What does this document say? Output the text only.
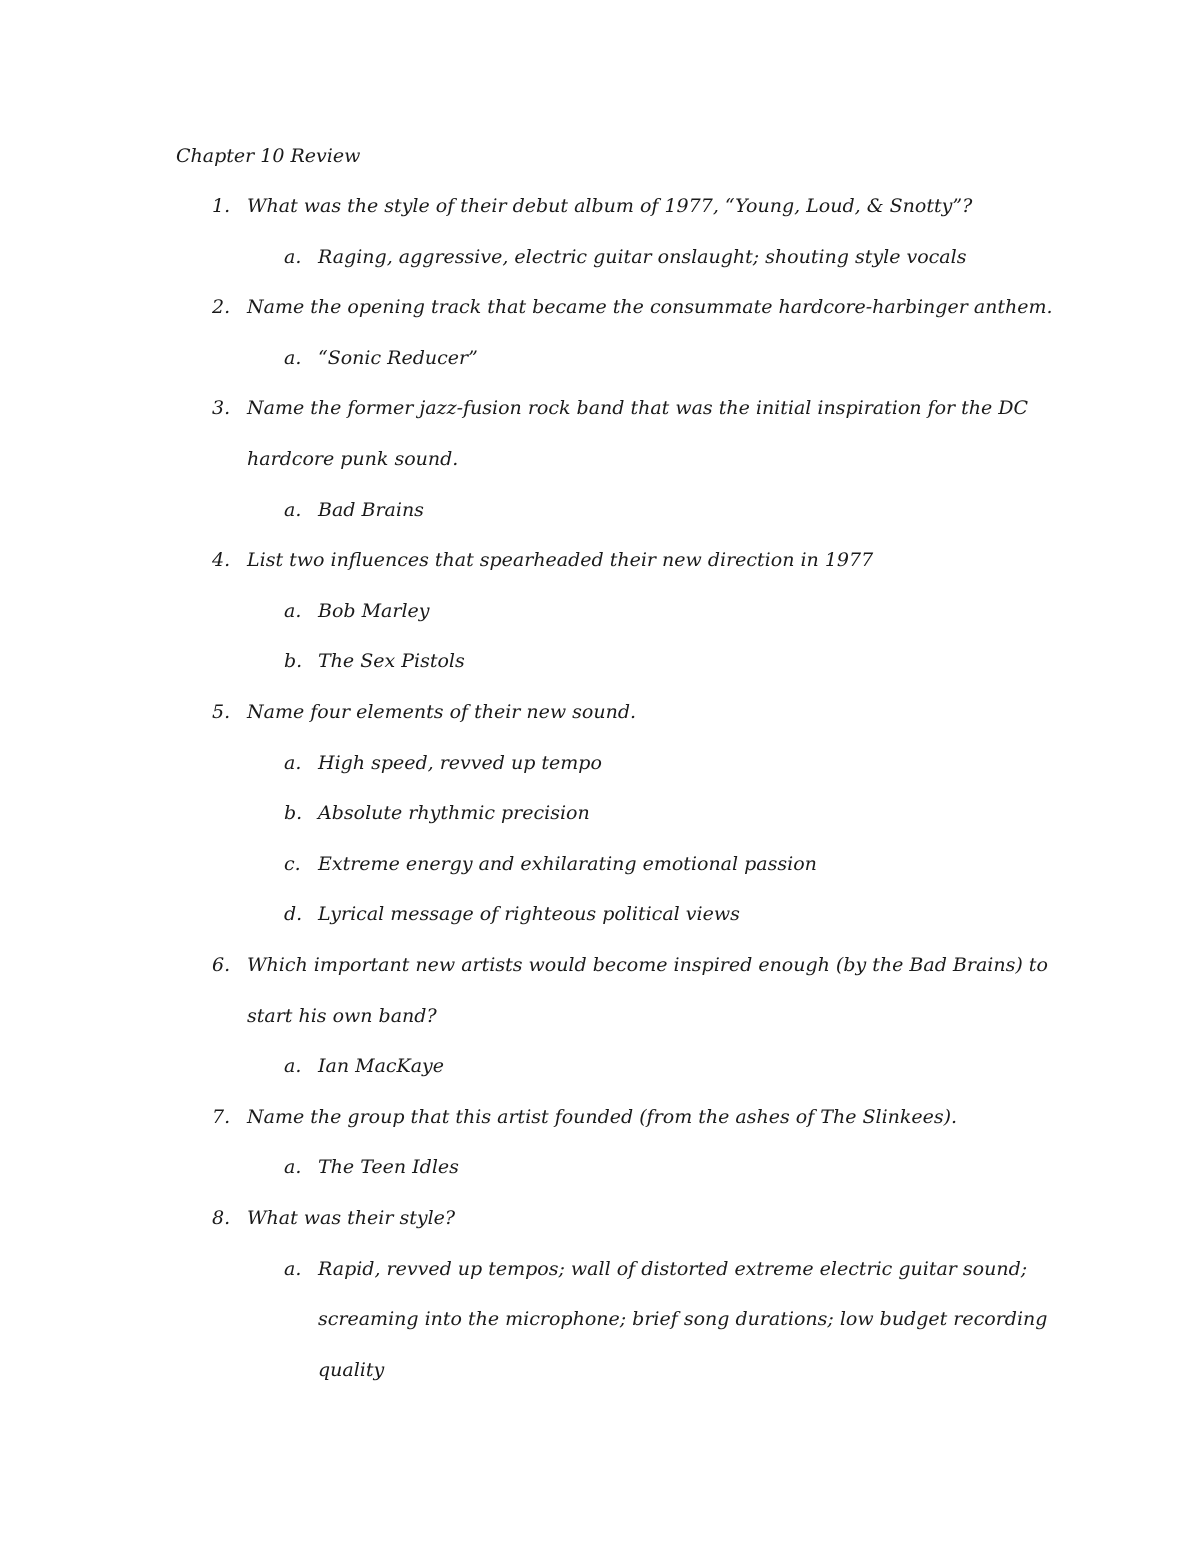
Chapter 10 Review
1. What was the style of their debut album of 1977, “Young, Loud, & Snotty”?
a. Raging, aggressive, electric guitar onslaught; shouting style vocals
2. Name the opening track that became the consummate hardcore-harbinger anthem.
a. “Sonic Reducer”
3. Name the former jazz-fusion rock band that was the initial inspiration for the DC
hardcore punk sound.
a. Bad Brains
4. List two influences that spearheaded their new direction in 1977
a. Bob Marley
b. The Sex Pistols
5. Name four elements of their new sound.
a. High speed, revved up tempo
b. Absolute rhythmic precision
c. Extreme energy and exhilarating emotional passion
d. Lyrical message of righteous political views
6. Which important new artists would become inspired enough (by the Bad Brains) to
start his own band?
a. Ian MacKaye
7. Name the group that this artist founded (from the ashes of The Slinkees).
a. The Teen Idles
8. What was their style?
a. Rapid, revved up tempos; wall of distorted extreme electric guitar sound;
screaming into the microphone; brief song durations; low budget recording
quality
